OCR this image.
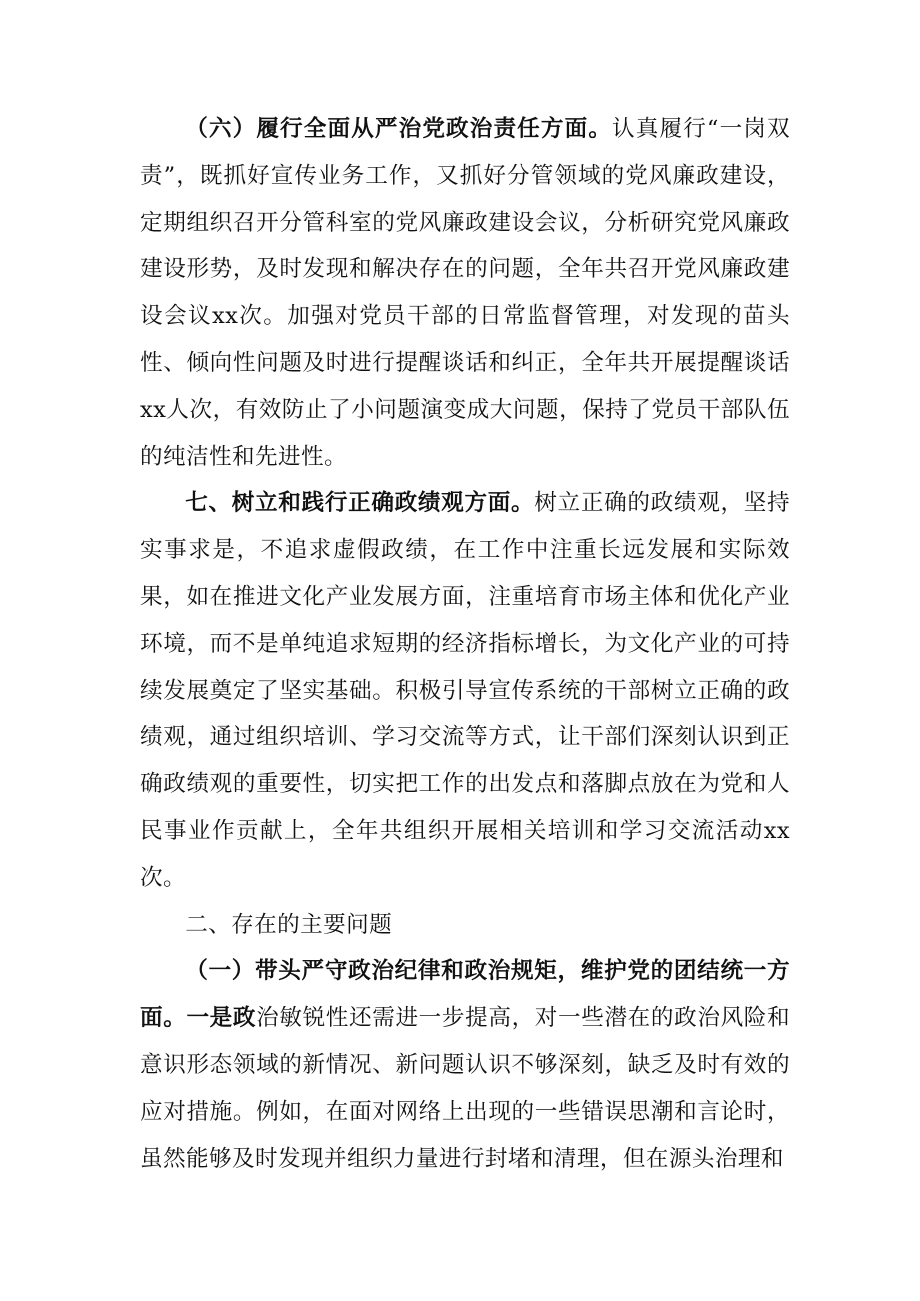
（六）履行全面从严治党政治责任方面。认真履行“一岗双责”，既抓好宣传业务工作，又抓好分管领域的党风廉政建设，定期组织召开分管科室的党风廉政建设会议，分析研究党风廉政建设形势，及时发现和解决存在的问题，全年共召开党风廉政建设会议xx次。加强对党员干部的日常监督管理，对发现的苗头性、倾向性问题及时进行提醒谈话和纠正，全年共开展提醒谈话xx人次，有效防止了小问题演变成大问题，保持了党员干部队伍的纯洁性和先进性。

七、树立和践行正确政绩观方面。树立正确的政绩观，坚持实事求是，不追求虚假政绩，在工作中注重长远发展和实际效果，如在推进文化产业发展方面，注重培育市场主体和优化产业环境，而不是单纯追求短期的经济指标增长，为文化产业的可持续发展奠定了坚实基础。积极引导宣传系统的干部树立正确的政绩观，通过组织培训、学习交流等方式，让干部们深刻认识到正确政绩观的重要性，切实把工作的出发点和落脚点放在为党和人民事业作贡献上，全年共组织开展相关培训和学习交流活动xx次。

二、存在的主要问题

（一）带头严守政治纪律和政治规矩，维护党的团结统一方面。一是政治敏锐性还需进一步提高，对一些潜在的政治风险和意识形态领域的新情况、新问题认识不够深刻，缺乏及时有效的应对措施。例如，在面对网络上出现的一些错误思潮和言论时，虽然能够及时发现并组织力量进行封堵和清理，但在源头治理和
